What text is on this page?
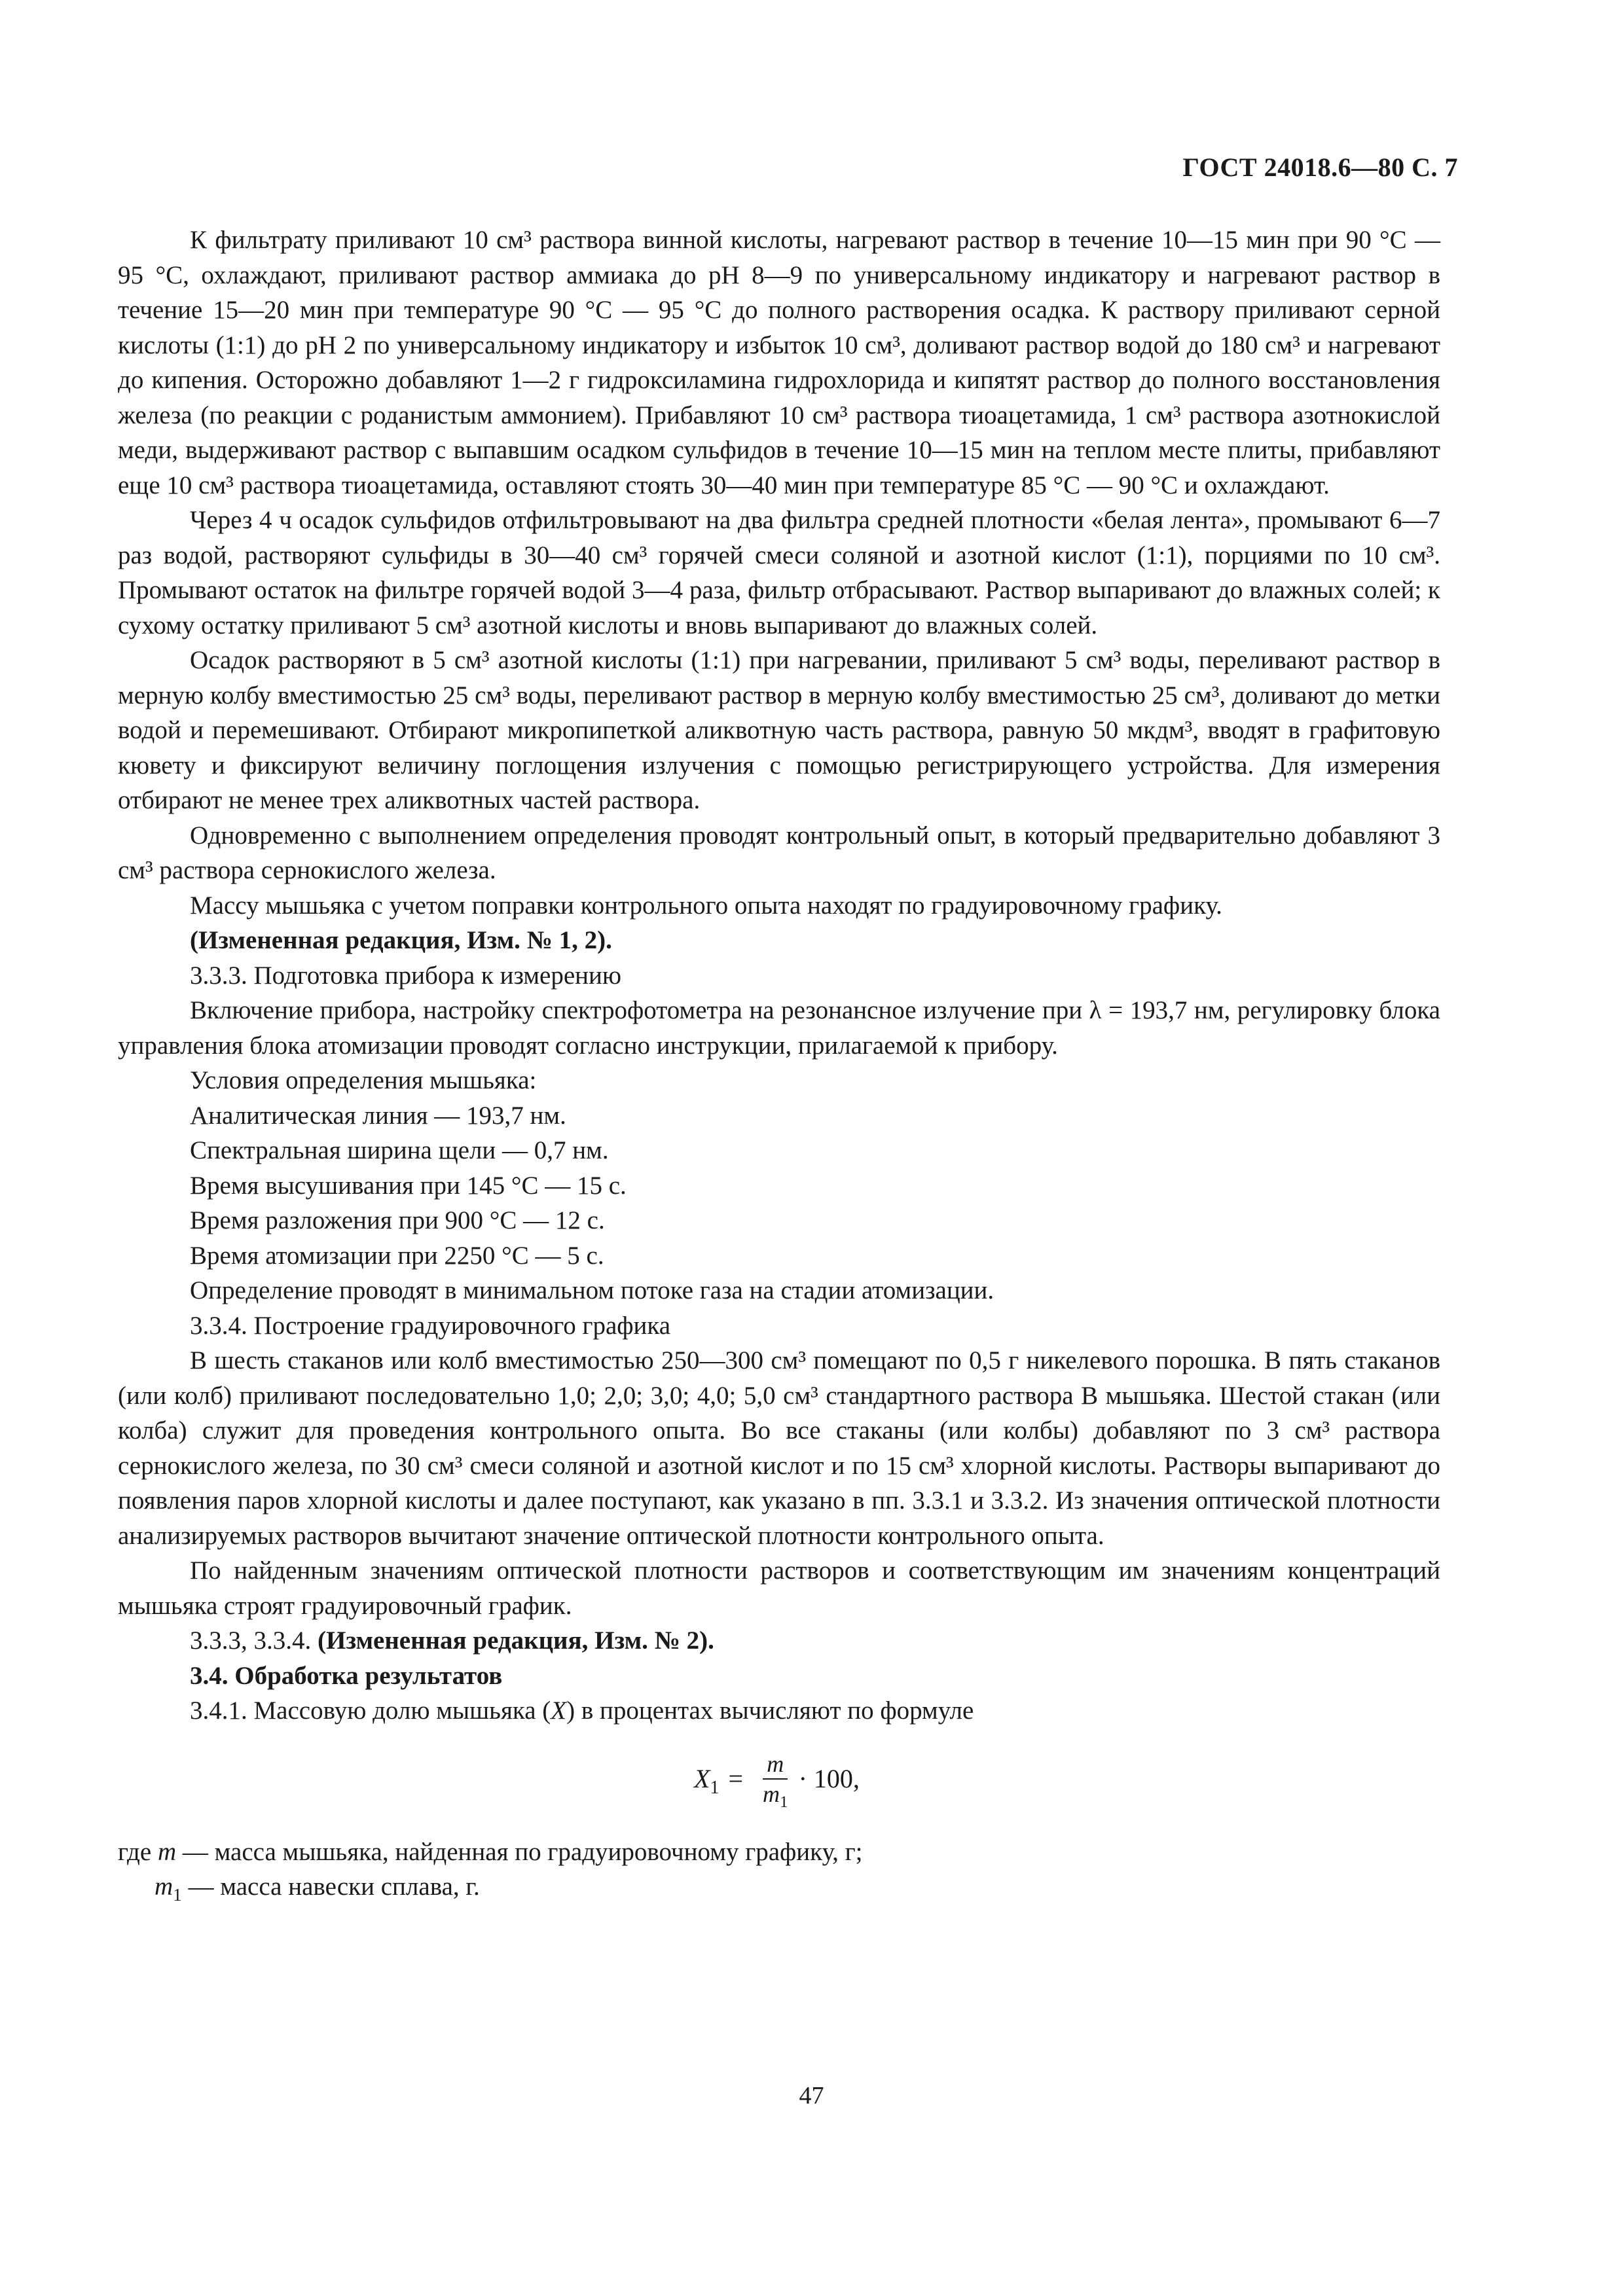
ГОСТ 24018.6—80 С. 7

К фильтрату приливают 10 см³ раствора винной кислоты, нагревают раствор в течение 10—15 мин при 90 °С — 95 °С, охлаждают, приливают раствор аммиака до рН 8—9 по универсальному индикатору и нагревают раствор в течение 15—20 мин при температуре 90 °С — 95 °С до полного растворения осадка. К раствору приливают серной кислоты (1:1) до рН 2 по универсальному индикатору и избыток 10 см³, доливают раствор водой до 180 см³ и нагревают до кипения. Осторожно добавляют 1—2 г гидроксиламина гидрохлорида и кипятят раствор до полного восстановления железа (по реакции с роданистым аммонием). Прибавляют 10 см³ раствора тиоацетамида, 1 см³ раствора азотнокислой меди, выдерживают раствор с выпавшим осадком сульфидов в течение 10—15 мин на теплом месте плиты, прибавляют еще 10 см³ раствора тиоацетамида, оставляют стоять 30—40 мин при температуре 85 °С — 90 °С и охлаждают.

Через 4 ч осадок сульфидов отфильтровывают на два фильтра средней плотности «белая лента», промывают 6—7 раз водой, растворяют сульфиды в 30—40 см³ горячей смеси соляной и азотной кислот (1:1), порциями по 10 см³. Промывают остаток на фильтре горячей водой 3—4 раза, фильтр отбрасывают. Раствор выпаривают до влажных солей; к сухому остатку приливают 5 см³ азотной кислоты и вновь выпаривают до влажных солей.

Осадок растворяют в 5 см³ азотной кислоты (1:1) при нагревании, приливают 5 см³ воды, переливают раствор в мерную колбу вместимостью 25 см³ воды, переливают раствор в мерную колбу вместимостью 25 см³, доливают до метки водой и перемешивают. Отбирают микропипеткой аликвотную часть раствора, равную 50 мкдм³, вводят в графитовую кювету и фиксируют величину поглощения излучения с помощью регистрирующего устройства. Для измерения отбирают не менее трех аликвотных частей раствора.

Одновременно с выполнением определения проводят контрольный опыт, в который предварительно добавляют 3 см³ раствора сернокислого железа.

Массу мышьяка с учетом поправки контрольного опыта находят по градуировочному графику.

(Измененная редакция, Изм. № 1, 2).

3.3.3. Подготовка прибора к измерению

Включение прибора, настройку спектрофотометра на резонансное излучение при λ = 193,7 нм, регулировку блока управления блока атомизации проводят согласно инструкции, прилагаемой к прибору.

Условия определения мышьяка:

Аналитическая линия — 193,7 нм.

Спектральная ширина щели — 0,7 нм.

Время высушивания при 145 °С — 15 с.

Время разложения при 900 °С — 12 с.

Время атомизации при 2250 °С — 5 с.

Определение проводят в минимальном потоке газа на стадии атомизации.

3.3.4. Построение градуировочного графика

В шесть стаканов или колб вместимостью 250—300 см³ помещают по 0,5 г никелевого порошка. В пять стаканов (или колб) приливают последовательно 1,0; 2,0; 3,0; 4,0; 5,0 см³ стандартного раствора В мышьяка. Шестой стакан (или колба) служит для проведения контрольного опыта. Во все стаканы (или колбы) добавляют по 3 см³ раствора сернокислого железа, по 30 см³ смеси соляной и азотной кислот и по 15 см³ хлорной кислоты. Растворы выпаривают до появления паров хлорной кислоты и далее поступают, как указано в пп. 3.3.1 и 3.3.2. Из значения оптической плотности анализируемых растворов вычитают значение оптической плотности контрольного опыта.

По найденным значениям оптической плотности растворов и соответствующим им значениям концентраций мышьяка строят градуировочный график.

3.3.3, 3.3.4. (Измененная редакция, Изм. № 2).

3.4. Обработка результатов

3.4.1. Массовую долю мышьяка (X) в процентах вычисляют по формуле

$X_1 = \frac{m}{m_1} \cdot 100$,

где m — масса мышьяка, найденная по градуировочному графику, г;

$m_1$ — масса навески сплава, г.

47
